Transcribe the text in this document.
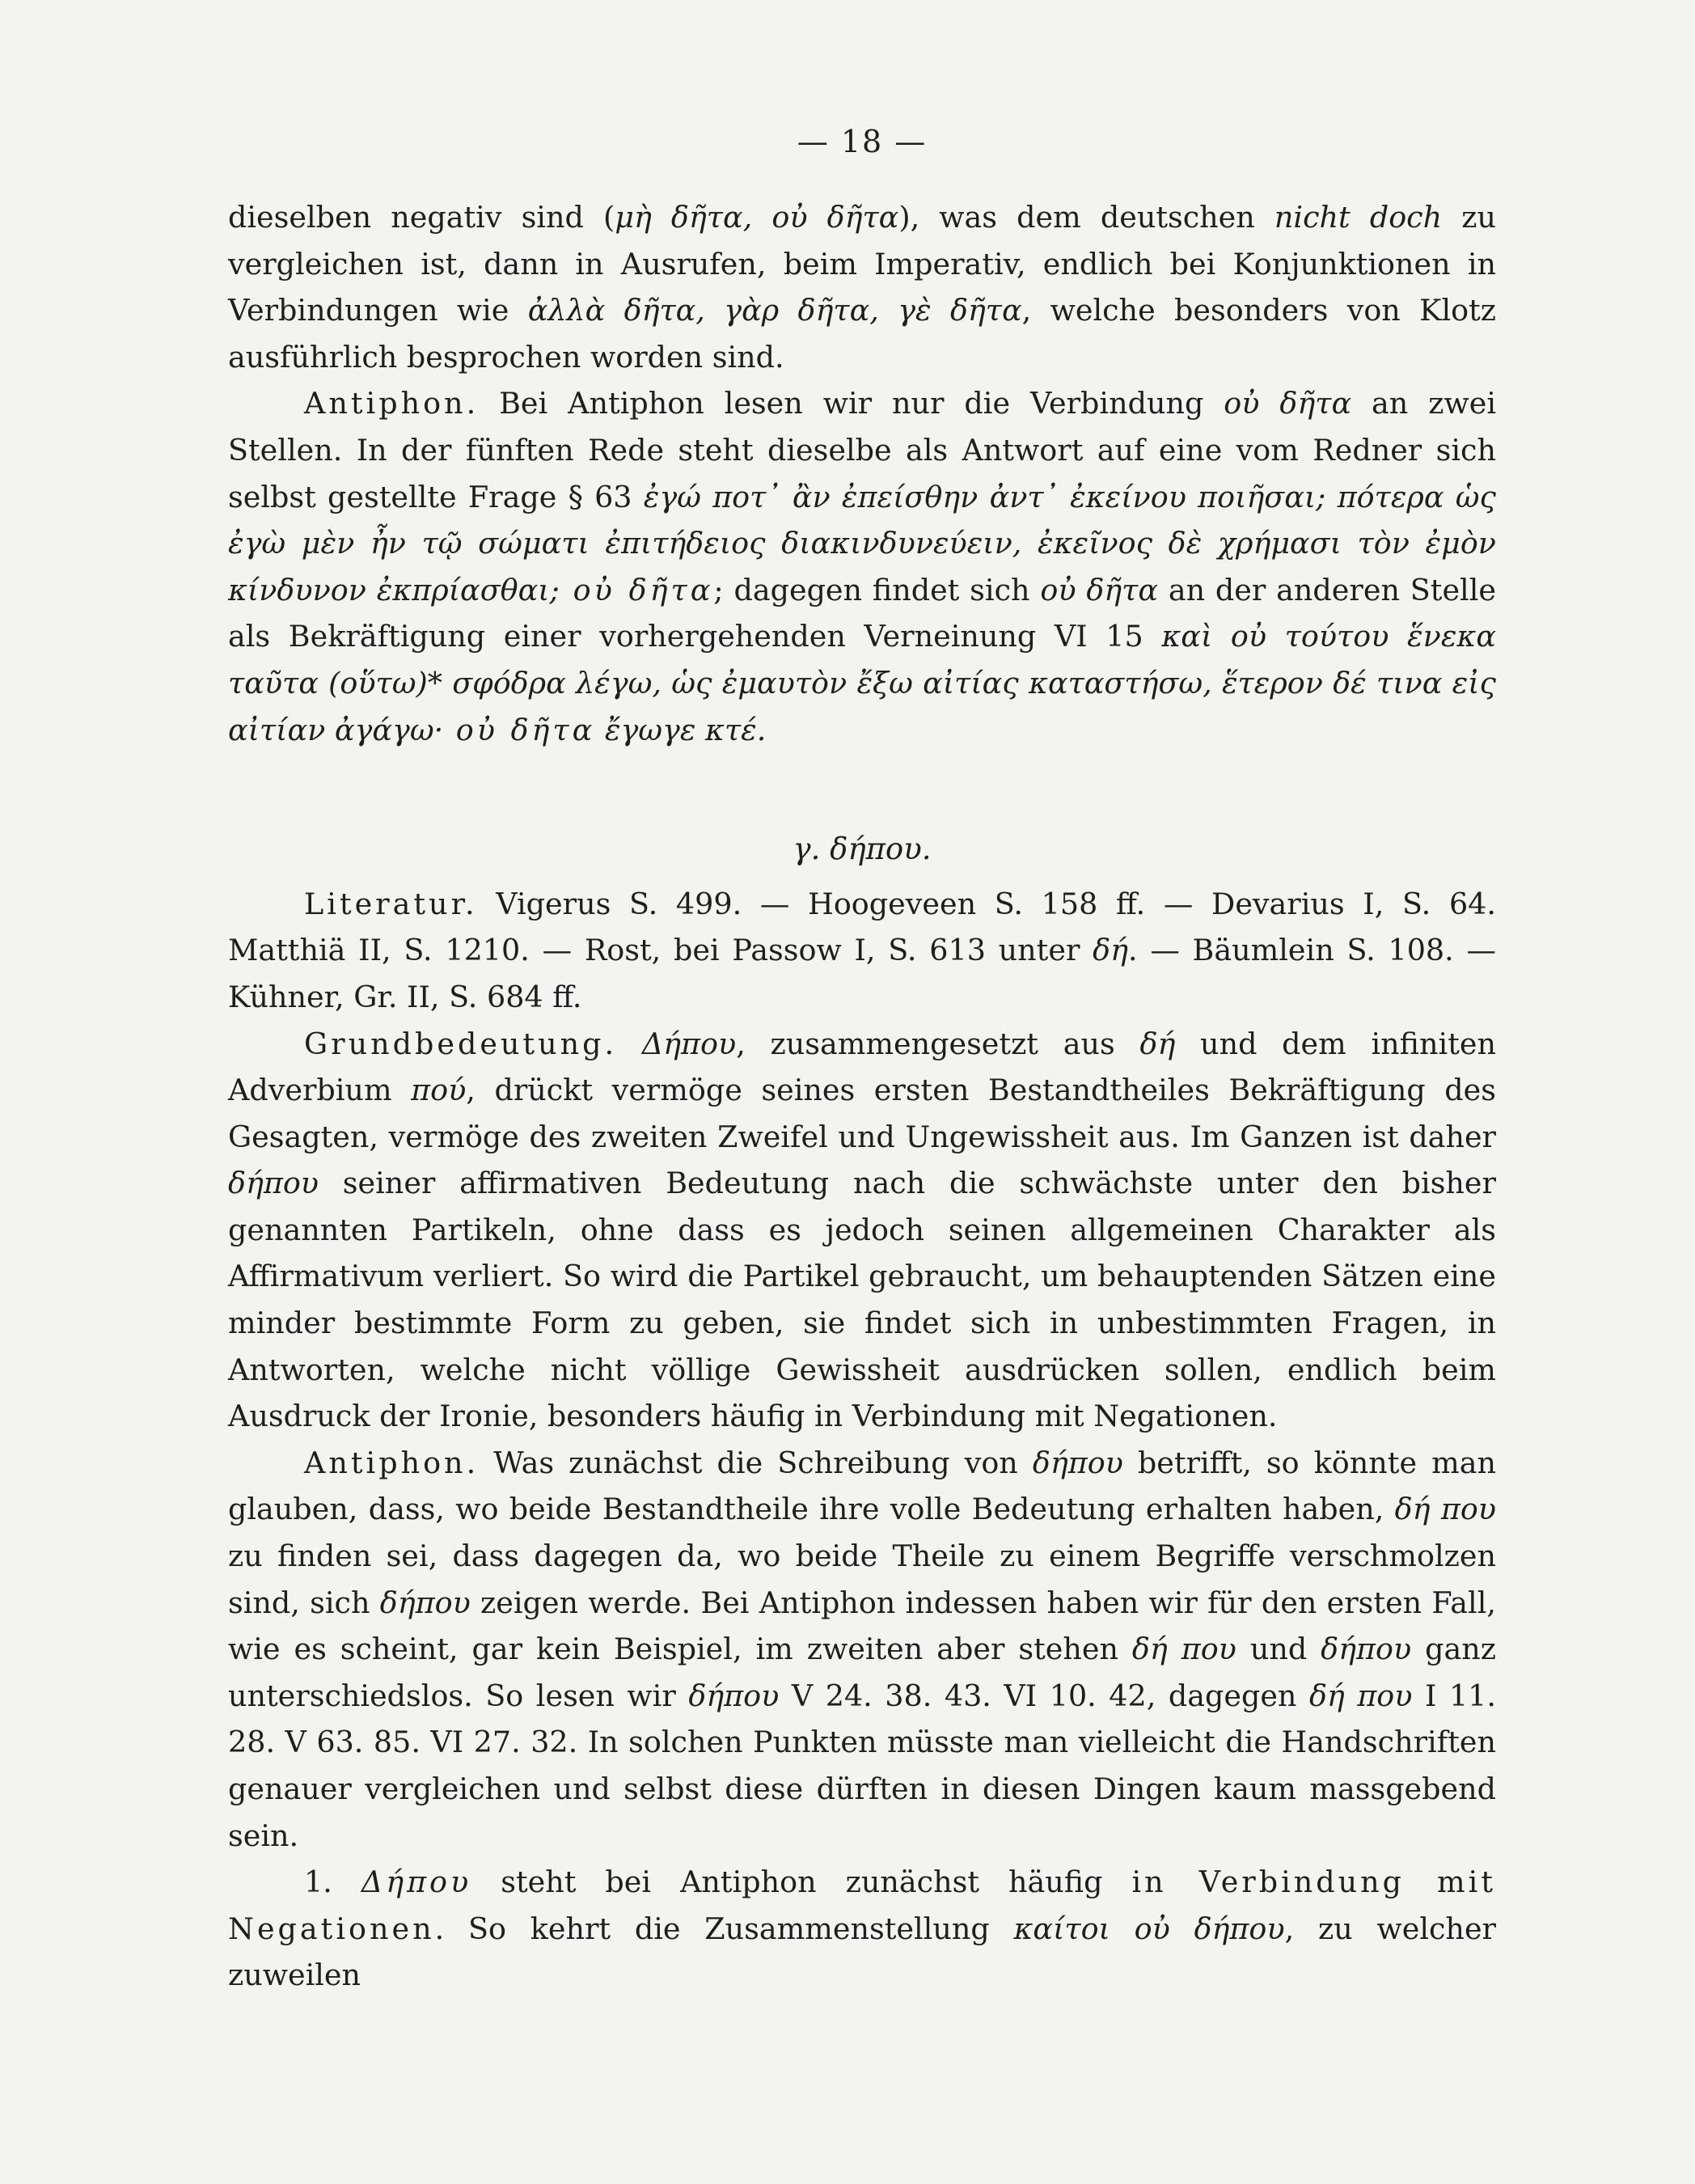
— 18 —

dieselben negativ sind (μὴ δῆτα, οὐ δῆτα), was dem deutschen nicht doch zu vergleichen ist, dann in Ausrufen, beim Imperativ, endlich bei Konjunktionen in Verbindungen wie ἀλλὰ δῆτα, γὰρ δῆτα, γὲ δῆτα, welche besonders von Klotz ausführlich besprochen worden sind.

Antiphon. Bei Antiphon lesen wir nur die Verbindung οὐ δῆτα an zwei Stellen. In der fünften Rede steht dieselbe als Antwort auf eine vom Redner sich selbst gestellte Frage § 63 ἐγώ ποτ᾽ ἂν ἐπείσθην ἀντ᾽ ἐκείνου ποιῆσαι; πότερα ὡς ἐγὼ μὲν ἦν τῷ σώματι ἐπιτήδειος διακινδυνεύειν, ἐκεῖνος δὲ χρήμασι τὸν ἐμὸν κίνδυνον ἐκπρίασθαι; οὐ δῆτα; dagegen findet sich οὐ δῆτα an der anderen Stelle als Bekräftigung einer vorhergehenden Verneinung VI 15 καὶ οὐ τούτου ἕνεκα ταῦτα (οὕτω)* σφόδρα λέγω, ὡς ἐμαυτὸν ἔξω αἰτίας καταστήσω, ἕτερον δέ τινα εἰς αἰτίαν ἀγάγω· οὐ δῆτα ἔγωγε κτέ.

γ. δήπου.

Literatur. Vigerus S. 499. — Hoogeveen S. 158 ff. — Devarius I, S. 64. Matthiä II, S. 1210. — Rost, bei Passow I, S. 613 unter δή. — Bäumlein S. 108. — Kühner, Gr. II, S. 684 ff.

Grundbedeutung. Δήπου, zusammengesetzt aus δή und dem infiniten Adverbium πού, drückt vermöge seines ersten Bestandtheiles Bekräftigung des Gesagten, vermöge des zweiten Zweifel und Ungewissheit aus. Im Ganzen ist daher δήπου seiner affirmativen Bedeutung nach die schwächste unter den bisher genannten Partikeln, ohne dass es jedoch seinen allgemeinen Charakter als Affirmativum verliert. So wird die Partikel gebraucht, um behauptenden Sätzen eine minder bestimmte Form zu geben, sie findet sich in unbestimmten Fragen, in Antworten, welche nicht völlige Gewissheit ausdrücken sollen, endlich beim Ausdruck der Ironie, besonders häufig in Verbindung mit Negationen.

Antiphon. Was zunächst die Schreibung von δήπου betrifft, so könnte man glauben, dass, wo beide Bestandtheile ihre volle Bedeutung erhalten haben, δή που zu finden sei, dass dagegen da, wo beide Theile zu einem Begriffe verschmolzen sind, sich δήπου zeigen werde. Bei Antiphon indessen haben wir für den ersten Fall, wie es scheint, gar kein Beispiel, im zweiten aber stehen δή που und δήπου ganz unterschiedslos. So lesen wir δήπου V 24. 38. 43. VI 10. 42, dagegen δή που I 11. 28. V 63. 85. VI 27. 32. In solchen Punkten müsste man vielleicht die Handschriften genauer vergleichen und selbst diese dürften in diesen Dingen kaum massgebend sein.

1. Δήπου steht bei Antiphon zunächst häufig in Verbindung mit Negationen. So kehrt die Zusammenstellung καίτοι οὐ δήπου, zu welcher zuweilen
